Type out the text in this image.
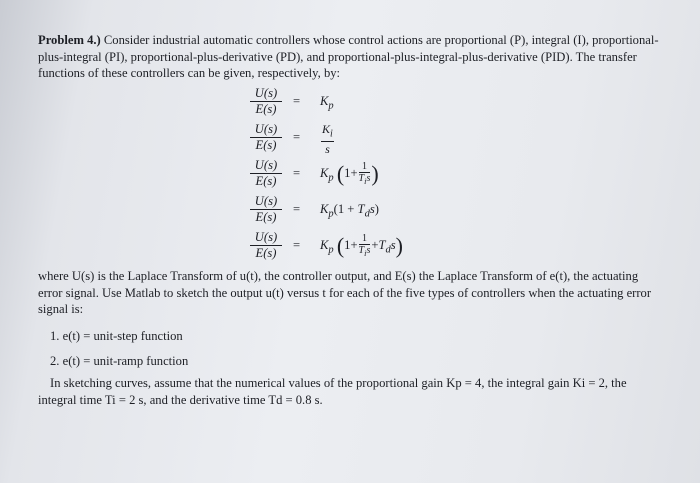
Problem 4.) Consider industrial automatic controllers whose control actions are proportional (P), integral (I), proportional-plus-integral (PI), proportional-plus-derivative (PD), and proportional-plus-integral-plus-derivative (PID). The transfer functions of these controllers can be given, respectively, by:
$\frac{U(s)}{E(s)} = K_p$
$\frac{U(s)}{E(s)} = \frac{K_i}{s}$
$\frac{U(s)}{E(s)} = K_p$ (1+ 1
$T_is$ )
$\frac{U(s)}{E(s)} = K_p(1 + T_ds)$
$\frac{U(s)}{E(s)} = K_p$ (1+ 1
$T_is +T_ds$)
where U(s) is the Laplace Transform of u(t), the controller output, and E(s) the Laplace Transform of e(t), the actuating error signal. Use Matlab to sketch the output u(t) versus t for each of the five types of controllers when the actuating error signal is:
1. e(t) = unit-step function
2. e(t) = unit-ramp function
In sketching curves, assume that the numerical values of the proportional gain Kp = 4, the integral gain Ki = 2, the integral time Ti = 2 s, and the derivative time Td = 0.8 s.
